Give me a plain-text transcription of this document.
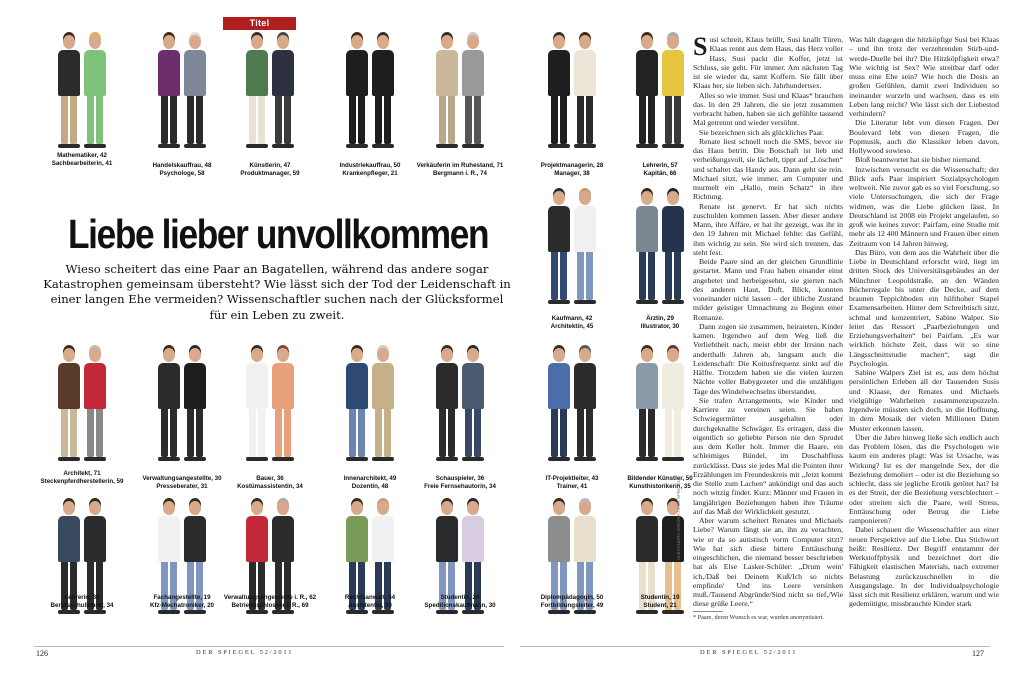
Titel
Mathematiker, 42
Sachbearbeiterin, 41	Handelskauffrau, 48
Psychologe, 58
Künstlerin, 47
Produktmanager, 59
Industriekauffrau, 50
Krankenpfleger, 21
Verkäuferin im Ruhestand, 71
Bergmann i. R., 74
Projektmanagerin, 28
Manager, 38
Lehrerin, 57
Kapitän, 66
Kaufmann, 42
Architektin, 45
Ärztin, 29
Illustrator, 30
Architekt, 71
Steckenpferdherstellerin, 59	Verwaltungsangestellte, 30
Presseberater, 31
Bauer, 36
Kostümassistentin, 34
Innenarchitekt, 49
Dozentin, 48
Schauspieler, 36
Freie Fernsehautorin, 34
IT-Projektleiter, 43
Trainer, 41
Bildender Künstler, 50
Kunsthistorikerin, 35
Lehrerin, 39
Berufsschullehrer, 34
Fachangestellte, 19
Kfz-Mechatroniker, 20
Verwaltungsangestellte i. R., 62
Betriebsschlosser i. R., 69
Rechtsanwalt, 44
Assistentin, 30
Studentin, 24
Speditionskaufmann, 30
Diplompädagogin, 50
Fortbildungsleiter, 49
Studentin, 19
Student, 21
Liebe lieber unvollkommen
Wieso scheitert das eine Paar an Bagatellen, während das andere sogar Katastrophen gemeinsam übersteht? Wie lässt sich der Tod der Leidenschaft in einer langen Ehe vermeiden? Wissenschaftler suchen nach der Glücksformel für ein Leben zu zweit.

Susi schreit, Klaus brüllt, Susi knallt Türen, Klaas rennt aus dem Haus, das Herz voller Hass, Susi packt die Koffer, jetzt ist Schluss, sie geht. Für immer. Am nächsten Tag ist sie wieder da, samt Koffern. Sie fällt über Klaas her, sie lieben sich. Jahrhundertsex.

Alles so wie immer. Susi und Klaas* brauchen das. In den 29 Jahren, die sie jetzt zusammen verbracht haben, haben sie sich gefühlte tausend Mal getrennt und wieder versöhnt.

Sie bezeichnen sich als glückliches Paar.

Renate liest schnell noch die SMS, bevor sie das Haus betritt. Die Botschaft ist lieb und verheißungsvoll, sie lächelt, tippt auf „Löschen“ und schaltet das Handy aus. Dann geht sie rein. Michael sitzt, wie immer, am Computer und murmelt ein „Hallo, mein Schatz“ in ihre Richtung.

Renate ist genervt. Er hat sich nichts zuschulden kommen lassen. Aber dieser andere Mann, ihre Affäre, er hat ihr gezeigt, was ihr in den 19 Jahren mit Michael fehlte: das Gefühl, ihm wichtig zu sein. Sie wird sich trennen, das steht fest.

Beide Paare sind an der gleichen Grundlinie gestartet. Mann und Frau haben einander einst angebetet und herbeigesehnt, sie gierten nach des anderen Haut, Duft, Blick, konnten voneinander nicht lassen – der übliche Zustand milder geistiger Umnachtung zu Beginn einer Romanze.

Dann zogen sie zusammen, heirateten, Kinder kamen. Irgendwo auf dem Weg ließ die Verliebtheit nach, meist ebbt der Irrsinn nach anderthalb Jahren ab, langsam auch die Leidenschaft: Die Koitusfrequenz sinkt auf die Hälfte. Trotzdem haben sie die vielen kurzen Nächte voller Babygezeter und die unzähligen Tage des Windelwechselns überstanden.

Sie trafen Arrangements, wie Kinder und Karriere zu vereinen seien. Sie haben Schwiegermütter ausgehalten oder durchgeknallte Schwäger. Es ertragen, dass die eigentlich so geliebte Person nie den Sprudel aus dem Keller holt. Immer die Haare, ein schleimiges Bündel, im Duschabfluss zurücklässt. Dass sie jedes Mal die Pointen ihrer Erzählungen im Freundeskreis mit „Jetzt kommt die Stelle zum Lachen“ ankündigt und das auch noch witzig findet. Kurz: Männer und Frauen in langjährigen Beziehungen haben ihre Träume auf das Maß der Wirklichkeit gestutzt.

Aber warum scheitert Renates und Michaels Liebe? Warum fängt sie an, ihn zu verachten, wie er da so autistisch vorm Computer sitzt? Wie hat sich diese bittere Enttäuschung eingeschlichen, die niemand besser beschrieben hat als Else Lasker-Schüler: „Drum wein' ich,/Daß bei Deinem Kuß/Ich so nichts empfinde/ Und ins Leere versinken muß./Tausend Abgründe/Sind nicht so tief,/Wie diese grüße Leere.“

Was hält dagegen die hitzköpfige Susi bei Klaas – und ihn trotz der verzehrenden Stirb-und-werde-Duelle bei ihr? Die Hitzköpfigkeit etwa? Wie wichtig ist Sex? Wie streitbar darf oder muss eine Ehe sein? Wie hoch die Dosis an großen Gefühlen, damit zwei Individuen so ineinander wurzeln und wachsen, dass es ein Leben lang reicht? Wie lässt sich der Liebestod verhindern?

Die Literatur lebt von diesen Fragen. Der Boulevard lebt von diesen Fragen, die Popmusik, auch die Klassiker leben davon, Hollywood sowieso.

Bloß beantwortet hat sie bisher niemand.

Inzwischen versucht es die Wissenschaft; der Blick aufs Paar inspiriert Sozialpsychologen weltweit. Nie zuvor gab es so viel Forschung, so viele Untersuchungen, die sich der Frage widmen, was die Liebe glücken lässt. In Deutschland ist 2008 ein Projekt angelaufen, so groß wie keines zuvor: Pairfam, eine Studie mit mehr als 12 400 Männern und Frauen über einen Zeitraum von 14 Jahren hinweg.

Das Büro, von dem aus die Wahrheit über die Liebe in Deutschland erforscht wird, liegt im dritten Stock des Universitätsgebäudes an der Münchner Leopoldstraße, an den Wänden Bücherregale bis unter die Decke, auf dem braunen Teppichboden ein hüfthoher Stapel Examensarbeiten. Hinter dem Schreibtisch sitzt, schmal und konzentriert, Sabine Walper. Sie leitet das Ressort „Paarbeziehungen und Erziehungsverhalten“ bei Pairfam. „Es war wirklich höchste Zeit, dass wir so eine Längsschnittstudie machen“, sagt die Psychologin.

Sabine Walpers Ziel ist es, aus dem höchst persönlichen Erleben all der Tausenden Susis und Klaase, der Renates und Michaels vielgültige Wahrheiten zusammenzupuzzeln. Irgendwie müssten sich doch, so die Hoffnung, in dem Mosaik der vielen Millionen Daten Muster erkennen lassen.

Über die Jahre hinweg ließe sich endlich auch das Problem lösen, das die Psychologen wie kaum ein anderes plagt: Was ist Ursache, was Wirkung? Ist es der mangelnde Sex, der die Beziehung demoliert – oder ist die Beziehung so schlecht, dass sie jegliche Erotik getötet hat? Ist es der Streit, der die Beziehung verschlechtert – oder streiten sich die Paare, weil Stress, Enttäuschung oder Betrug die Liebe ramponieren?

Dabei schauen die Wissenschaftler aus einer neuen Perspektive auf die Liebe. Das Stichwort heißt: Resilienz. Der Begriff entstammt der Werkstoffphysik und bezeichnet dort die Fähigkeit elastischen Materials, nach extremer Belastung zurückzuschnellen in die Ausgangslage. In der Individualpsychologie lässt sich mit Resilienz erklären, warum und wie gedemütigte, missbrauchte Kinder stark

* Paare, deren Wunsch es war, wurden anonymisiert.
ALEXANDRA ZAKORA / DER SPIEGEL
126	DER SPIEGEL 52/2011	DER SPIEGEL 52/2011	127
